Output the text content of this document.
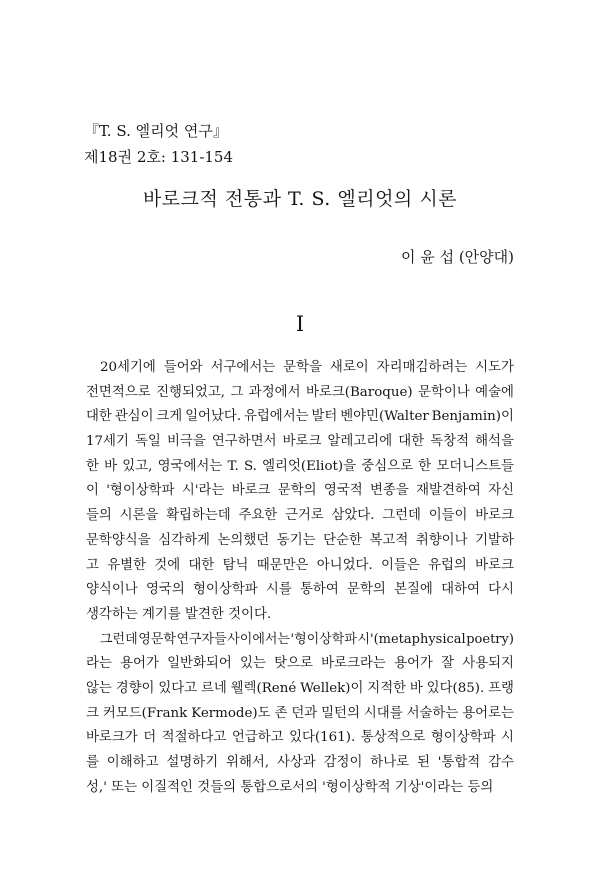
『T. S. 엘리엇 연구』
제18권 2호: 131-154
바로크적 전통과 T. S. 엘리엇의 시론
이 윤 섭 (안양대)
I
20세기에 들어와 서구에서는 문학을 새로이 자리매김하려는 시도가
전면적으로 진행되었고, 그 과정에서 바로크(Baroque) 문학이나 예술에
대한 관심이 크게 일어났다. 유럽에서는 발터 벤야민(Walter Benjamin)이
17세기 독일 비극을 연구하면서 바로크 알레고리에 대한 독창적 해석을
한 바 있고, 영국에서는 T. S. 엘리엇(Eliot)을 중심으로 한 모더니스트들
이 '형이상학파 시'라는 바로크 문학의 영국적 변종을 재발견하여 자신
들의 시론을 확립하는데 주요한 근거로 삼았다. 그런데 이들이 바로크
문학양식을 심각하게 논의했던 동기는 단순한 복고적 취향이나 기발하
고 유별한 것에 대한 탐닉 때문만은 아니었다. 이들은 유럽의 바로크
양식이나 영국의 형이상학파 시를 통하여 문학의 본질에 대하여 다시
생각하는 계기를 발견한 것이다.
그런데 영문학 연구자들 사이에서는 '형이상학파 시'(metaphysical poetry)
라는 용어가 일반화되어 있는 탓으로 바로크라는 용어가 잘 사용되지
않는 경향이 있다고 르네 웰렉(René Wellek)이 지적한 바 있다(85). 프랭
크 커모드(Frank Kermode)도 존 던과 밀턴의 시대를 서술하는 용어로는
바로크가 더 적절하다고 언급하고 있다(161). 통상적으로 형이상학파 시
를 이해하고 설명하기 위해서, 사상과 감정이 하나로 된 '통합적 감수
성,' 또는 이질적인 것들의 통합으로서의 '형이상학적 기상'이라는 등의
